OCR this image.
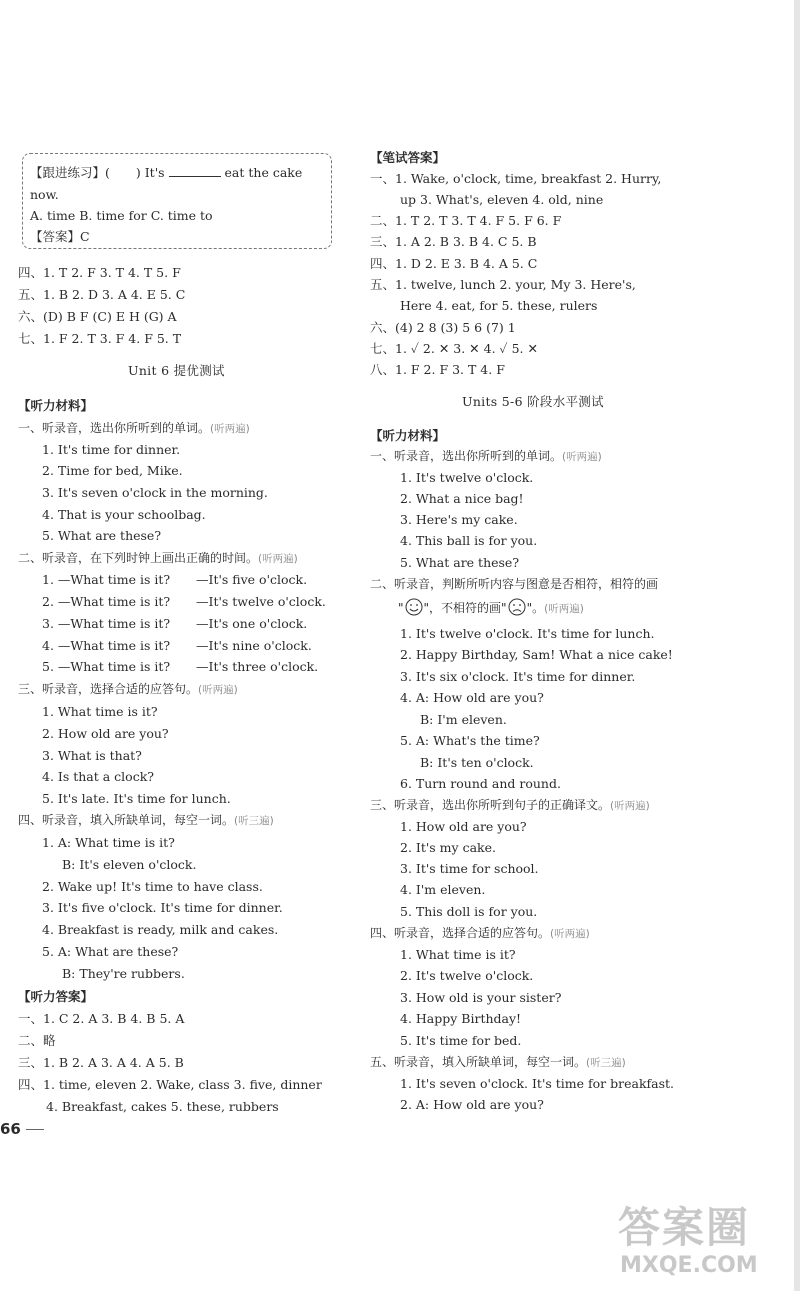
【跟进练习】( ) It's	eat the cake
now.
A. time B. time for C. time to
【答案】C
四、1. T 2. F 3. T 4. T 5. F
五、1. B 2. D 3. A 4. E 5. C
六、(D) B F (C) E H (G) A
七、1. F 2. T 3. F 4. F 5. T
Unit 6 提优测试
【听力材料】
一、听录音，选出你所听到的单词。(听两遍)
1. It's time for dinner.
2. Time for bed, Mike.
3. It's seven o'clock in the morning.
4. That is your schoolbag.
5. What are these?
二、听录音，在下列时钟上画出正确的时间。(听两遍)
1. —What time is it? —It's five o'clock.
2. —What time is it? —It's twelve o'clock.
3. —What time is it? —It's one o'clock.
4. —What time is it? —It's nine o'clock.
5. —What time is it? —It's three o'clock.
三、听录音，选择合适的应答句。(听两遍)
1. What time is it?
2. How old are you?
3. What is that?
4. Is that a clock?
5. It's late. It's time for lunch.
四、听录音，填入所缺单词，每空一词。(听三遍)
1. A: What time is it?
B: It's eleven o'clock.
2. Wake up! It's time to have class.
3. It's five o'clock. It's time for dinner.
4. Breakfast is ready, milk and cakes.
5. A: What are these?
B: They're rubbers.
【听力答案】
一、1. C 2. A 3. B 4. B 5. A
二、略
三、1. B 2. A 3. A 4. A 5. B
四、1. time, eleven 2. Wake, class 3. five, dinner
4. Breakfast, cakes 5. these, rubbers
66
【笔试答案】
一、1. Wake, o'clock, time, breakfast 2. Hurry,
up 3. What's, eleven 4. old, nine
二、1. T 2. T 3. T 4. F 5. F 6. F
三、1. A 2. B 3. B 4. C 5. B
四、1. D 2. E 3. B 4. A 5. C
五、1. twelve, lunch 2. your, My 3. Here's,
Here 4. eat, for 5. these, rulers
六、(4) 2 8 (3) 5 6 (7) 1
七、1. ✓ 2. ✕ 3. ✕ 4. ✓ 5. ✕
八、1. F 2. F 3. T 4. F
Units 5-6 阶段水平测试
【听力材料】
一、听录音，选出你所听到的单词。(听两遍)
1. It's twelve o'clock.
2. What a nice bag!
3. Here's my cake.
4. This ball is for you.
5. What are these?
二、听录音，判断所听内容与图意是否相符，相符的画
" "，不相符的画" "。(听两遍)
1. It's twelve o'clock. It's time for lunch.
2. Happy Birthday, Sam! What a nice cake!
3. It's six o'clock. It's time for dinner.
4. A: How old are you?
B: I'm eleven.
5. A: What's the time?
B: It's ten o'clock.
6. Turn round and round.
三、听录音，选出你所听到句子的正确译文。(听两遍)
1. How old are you?
2. It's my cake.
3. It's time for school.
4. I'm eleven.
5. This doll is for you.
四、听录音，选择合适的应答句。(听两遍)
1. What time is it?
2. It's twelve o'clock.
3. How old is your sister?
4. Happy Birthday!
5. It's time for bed.
五、听录音，填入所缺单词，每空一词。(听三遍)
1. It's seven o'clock. It's time for breakfast.
2. A: How old are you?
答案圈
MXQE.COM
